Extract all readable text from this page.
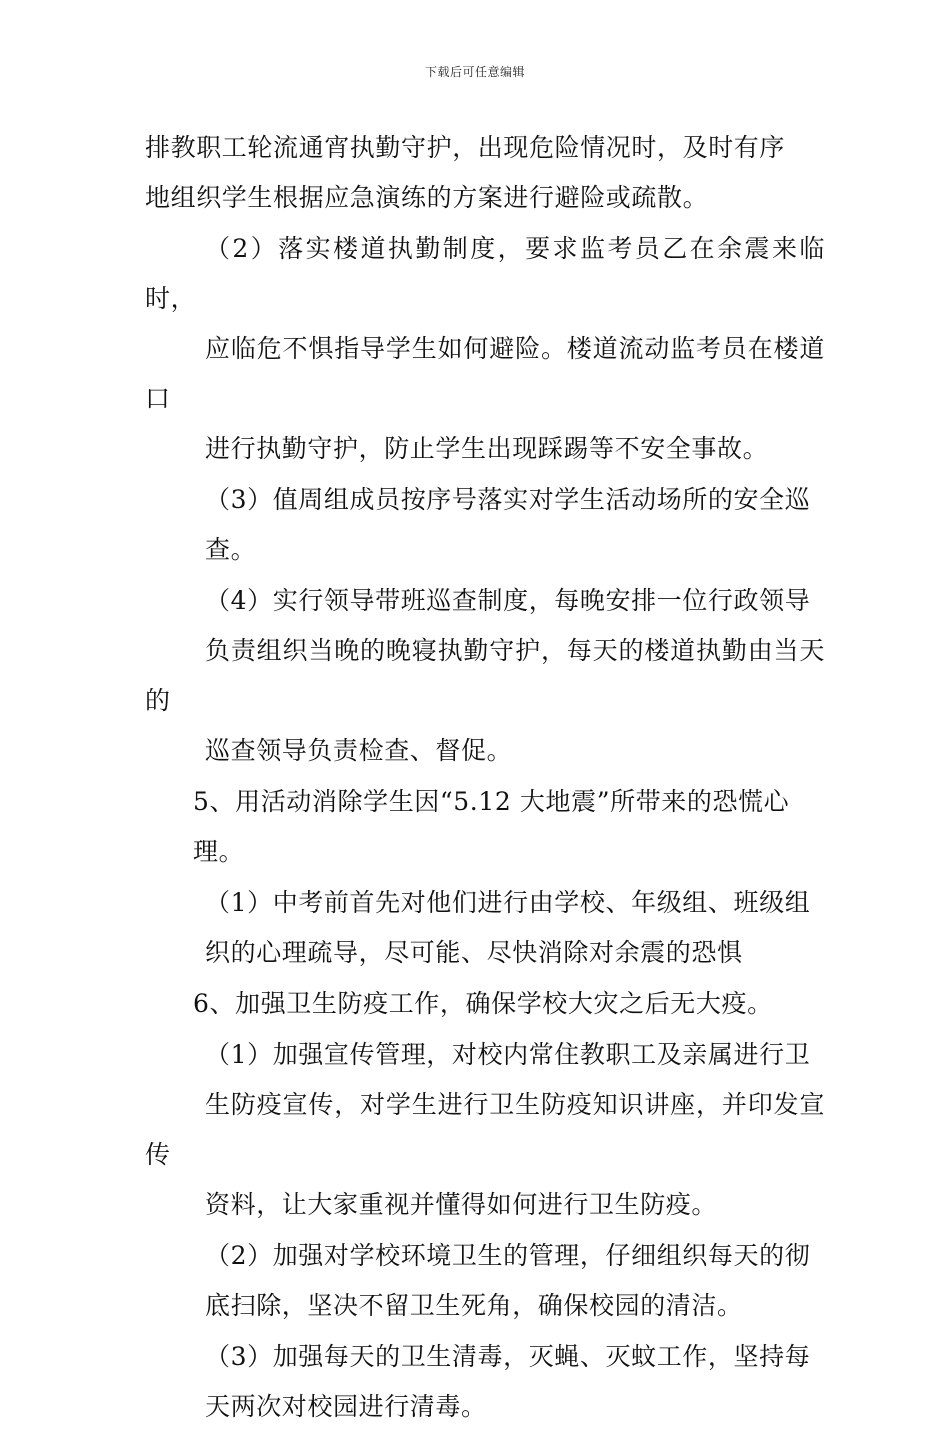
下载后可任意编辑

排教职工轮流通宵执勤守护，出现危险情况时，及时有序
地组织学生根据应急演练的方案进行避险或疏散。

（2）落实楼道执勤制度，要求监考员乙在余震来临时，
应临危不惧指导学生如何避险。楼道流动监考员在楼道口
进行执勤守护，防止学生出现踩踢等不安全事故。

（3）值周组成员按序号落实对学生活动场所的安全巡
查。

（4）实行领导带班巡查制度，每晚安排一位行政领导
负责组织当晚的晚寝执勤守护，每天的楼道执勤由当天的
巡查领导负责检查、督促。

5、用活动消除学生因“5.12 大地震”所带来的恐慌心
理。

（1）中考前首先对他们进行由学校、年级组、班级组
织的心理疏导，尽可能、尽快消除对余震的恐惧

6、加强卫生防疫工作，确保学校大灾之后无大疫。

（1）加强宣传管理，对校内常住教职工及亲属进行卫
生防疫宣传，对学生进行卫生防疫知识讲座，并印发宣传
资料，让大家重视并懂得如何进行卫生防疫。

（2）加强对学校环境卫生的管理，仔细组织每天的彻
底扫除，坚决不留卫生死角，确保校园的清洁。

（3）加强每天的卫生清毒，灭蝇、灭蚊工作，坚持每
天两次对校园进行清毒。
